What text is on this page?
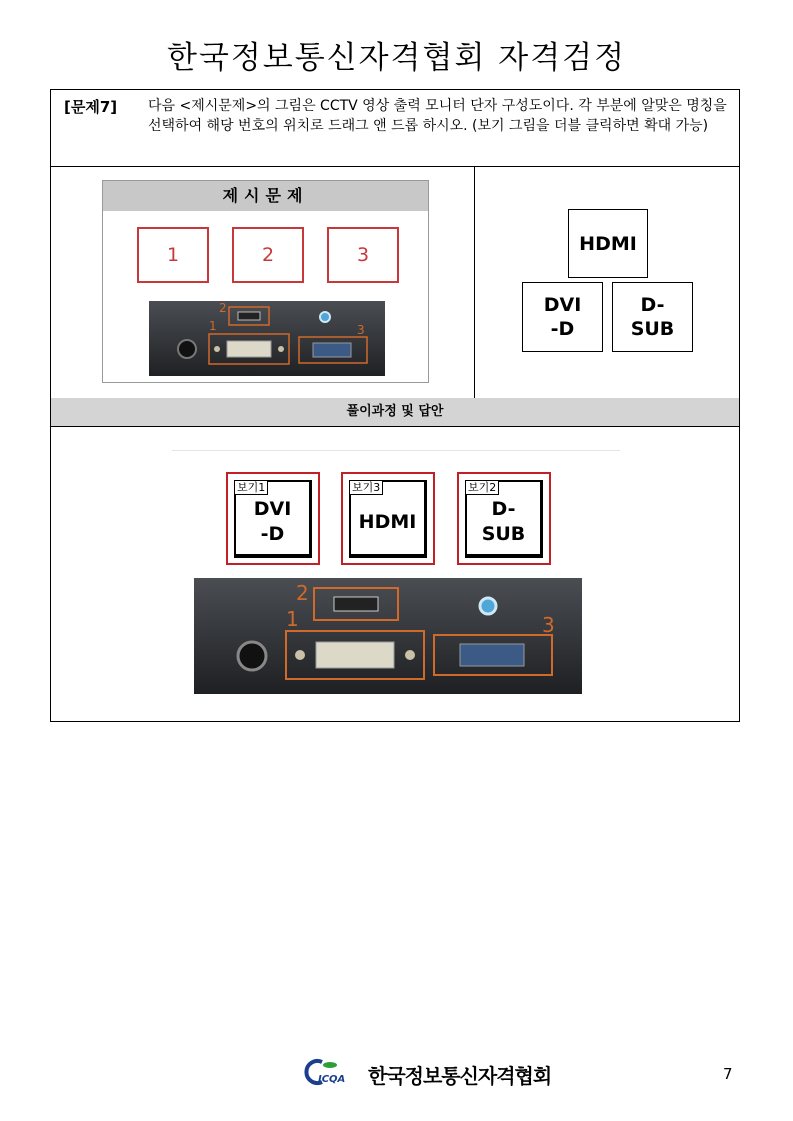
한국정보통신자격협회 자격검정
[문제7] 다음 <제시문제>의 그림은 CCTV 영상 출력 모니터 단자 구성도이다. 각 부분에 알맞은 명칭을 선택하여 해당 번호의 위치로 드래그 앤 드롭 하시오. (보기 그림을 더블 클릭하면 확대 가능)
제시문제
1	2	3
2
1	3
HDMI
DVI
-D
D-
SUB
풀이과정 및 답안
DVI
-D
보기1
HDMI
보기3
D-
SUB
보기2
2
1	3
ICQA 한국정보통신자격협회	7
